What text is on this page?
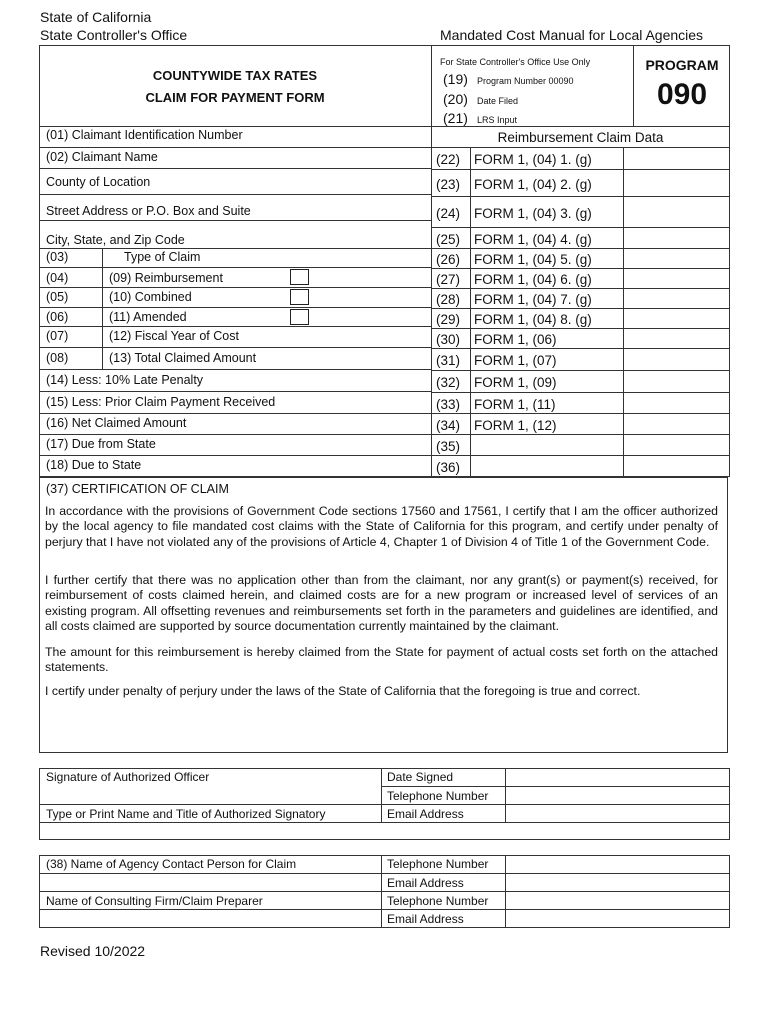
State of California
State Controller's Office	Mandated Cost Manual for Local Agencies
COUNTYWIDE TAX RATES
CLAIM FOR PAYMENT FORM
For State Controller's Office Use Only
(19) Program Number 00090
(20) Date Filed
(21) LRS Input
PROGRAM
090
(01) Claimant Identification Number
(02) Claimant Name
County of Location
Street Address or P.O. Box and Suite
City, State, and Zip Code
(03)	Type of Claim
(04)	(09) Reimbursement
(05)	(10) Combined
(06)	(11) Amended
(07)	(12) Fiscal Year of Cost
(08)	(13) Total Claimed Amount
(14) Less: 10% Late Penalty
(15) Less: Prior Claim Payment Received
(16) Net Claimed Amount
(17) Due from State
(18) Due to State
Reimbursement Claim Data
(22) FORM 1, (04) 1. (g)
(23) FORM 1, (04) 2. (g)
(24) FORM 1, (04) 3. (g)
(25) FORM 1, (04) 4. (g)
(26) FORM 1, (04) 5. (g)
(27) FORM 1, (04) 6. (g)
(28) FORM 1, (04) 7. (g)
(29) FORM 1, (04) 8. (g)
(30) FORM 1, (06)
(31) FORM 1, (07)
(32) FORM 1, (09)
(33) FORM 1, (11)
(34) FORM 1, (12)
(35)
(36)
(37) CERTIFICATION OF CLAIM
In accordance with the provisions of Government Code sections 17560 and 17561, I certify that I am the officer authorized by the local agency to file mandated cost claims with the State of California for this program, and certify under penalty of perjury that I have not violated any of the provisions of Article 4, Chapter 1 of Division 4 of Title 1 of the Government Code.
I further certify that there was no application other than from the claimant, nor any grant(s) or payment(s) received, for reimbursement of costs claimed herein, and claimed costs are for a new program or increased level of services of an existing program. All offsetting revenues and reimbursements set forth in the parameters and guidelines are identified, and all costs claimed are supported by source documentation currently maintained by the claimant.
The amount for this reimbursement is hereby claimed from the State for payment of actual costs set forth on the attached statements.
I certify under penalty of perjury under the laws of the State of California that the foregoing is true and correct.
Signature of Authorized Officer	Date Signed
Telephone Number
Type or Print Name and Title of Authorized Signatory	Email Address
(38) Name of Agency Contact Person for Claim	Telephone Number
Email Address
Name of Consulting Firm/Claim Preparer	Telephone Number
Email Address
Revised 10/2022
